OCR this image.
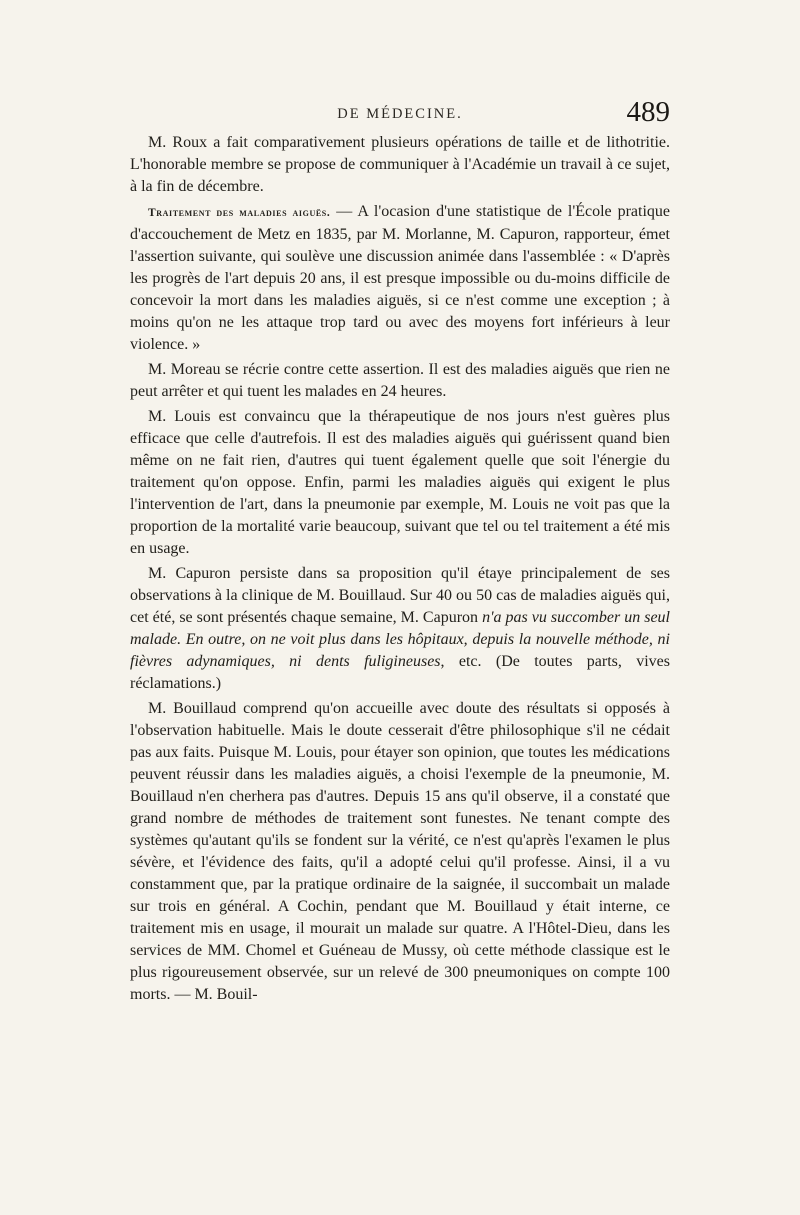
DE MÉDECINE.	489

M. Roux a fait comparativement plusieurs opérations de taille et de lithotritie. L'honorable membre se propose de communiquer à l'Académie un travail à ce sujet, à la fin de décembre.

Traitement des maladies aiguës. — A l'ocasion d'une statistique de l'École pratique d'accouchement de Metz en 1835, par M. Morlanne, M. Capuron, rapporteur, émet l'assertion suivante, qui soulève une discussion animée dans l'assemblée : « D'après les progrès de l'art depuis 20 ans, il est presque impossible ou du-moins difficile de concevoir la mort dans les maladies aiguës, si ce n'est comme une exception ; à moins qu'on ne les attaque trop tard ou avec des moyens fort inférieurs à leur violence. »

M. Moreau se récrie contre cette assertion. Il est des maladies aiguës que rien ne peut arrêter et qui tuent les malades en 24 heures.

M. Louis est convaincu que la thérapeutique de nos jours n'est guères plus efficace que celle d'autrefois. Il est des maladies aiguës qui guérissent quand bien même on ne fait rien, d'autres qui tuent également quelle que soit l'énergie du traitement qu'on oppose. Enfin, parmi les maladies aiguës qui exigent le plus l'intervention de l'art, dans la pneumonie par exemple, M. Louis ne voit pas que la proportion de la mortalité varie beaucoup, suivant que tel ou tel traitement a été mis en usage.

M. Capuron persiste dans sa proposition qu'il étaye principalement de ses observations à la clinique de M. Bouillaud. Sur 40 ou 50 cas de maladies aiguës qui, cet été, se sont présentés chaque semaine, M. Capuron n'a pas vu succomber un seul malade. En outre, on ne voit plus dans les hôpitaux, depuis la nouvelle méthode, ni fièvres adynamiques, ni dents fuligineuses, etc. (De toutes parts, vives réclamations.)

M. Bouillaud comprend qu'on accueille avec doute des résultats si opposés à l'observation habituelle. Mais le doute cesserait d'être philosophique s'il ne cédait pas aux faits. Puisque M. Louis, pour étayer son opinion, que toutes les médications peuvent réussir dans les maladies aiguës, a choisi l'exemple de la pneumonie, M. Bouillaud n'en cherhera pas d'autres. Depuis 15 ans qu'il observe, il a constaté que grand nombre de méthodes de traitement sont funestes. Ne tenant compte des systèmes qu'autant qu'ils se fondent sur la vérité, ce n'est qu'après l'examen le plus sévère, et l'évidence des faits, qu'il a adopté celui qu'il professe. Ainsi, il a vu constamment que, par la pratique ordinaire de la saignée, il succombait un malade sur trois en général. A Cochin, pendant que M. Bouillaud y était interne, ce traitement mis en usage, il mourait un malade sur quatre. A l'Hôtel-Dieu, dans les services de MM. Chomel et Guéneau de Mussy, où cette méthode classique est le plus rigoureusement observée, sur un relevé de 300 pneumoniques on compte 100 morts. — M. Bouil-
